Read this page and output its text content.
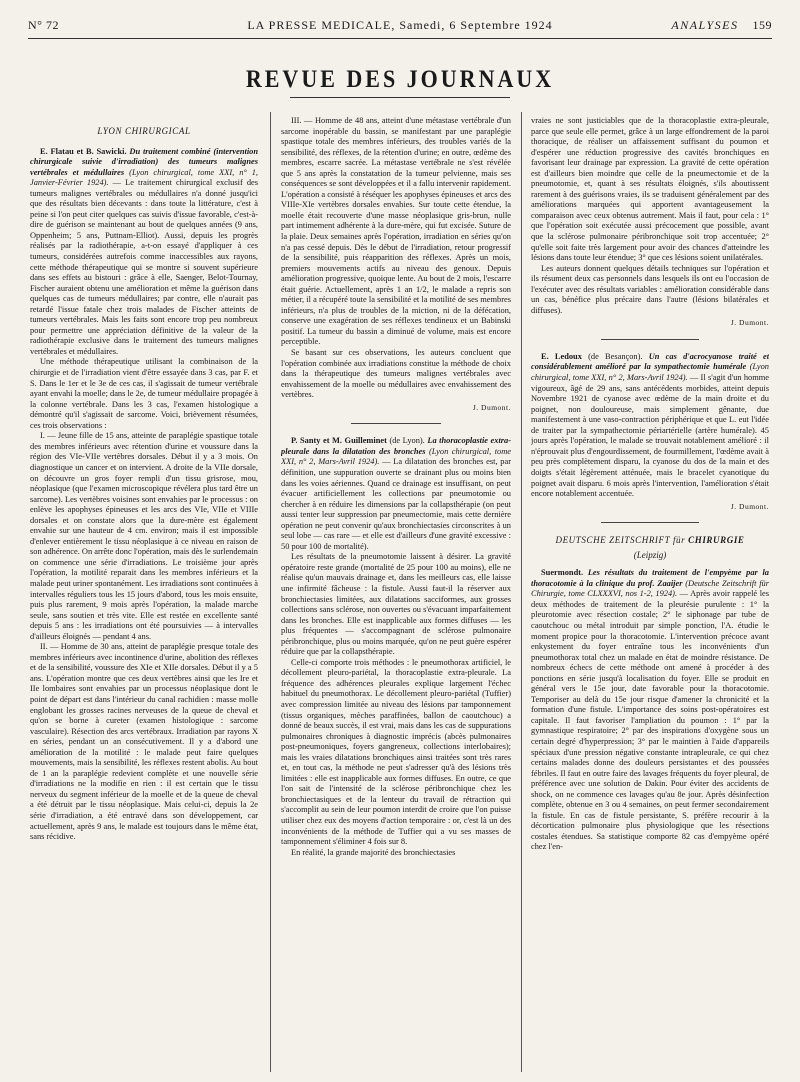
N° 72	LA PRESSE MEDICALE, Samedi, 6 Septembre 1924	ANALYSES 159
REVUE DES JOURNAUX
LYON CHIRURGICAL

E. Flatau et B. Sawicki. Du traitement combiné (intervention chirurgicale suivie d'irradiation) des tumeurs malignes vertébrales et médullaires (Lyon chirurgical, tome XXI, n° 1, Janvier-Février 1924). — Le traitement chirurgical exclusif des tumeurs malignes vertébrales ou médullaires n'a donné jusqu'ici que des résultats bien décevants : dans toute la littérature, c'est à peine si l'on peut citer quelques cas suivis d'issue favorable, c'est-à-dire de guérison se maintenant au bout de quelques années (9 ans, Oppenheim; 5 ans, Puttnam-Elliot). Aussi, depuis les progrès réalisés par la radiothérapie, a-t-on essayé d'appliquer à ces tumeurs, considérées autrefois comme inaccessibles aux rayons, cette méthode thérapeutique qui se montre si souvent supérieure dans ses effets au bistouri : grâce à elle, Saenger, Belot-Tournay, Fischer auraient obtenu une amélioration et même la guérison dans quelques cas de tumeurs médullaires; par contre, elle n'aurait pas retardé l'issue fatale chez trois malades de Fischer atteints de tumeurs vertébrales. Mais les faits sont encore trop peu nombreux pour permettre une appréciation définitive de la valeur de la radiothérapie exclusive dans le traitement des tumeurs malignes vertébrales et médullaires.

Une méthode thérapeutique utilisant la combinaison de la chirurgie et de l'irradiation vient d'être essayée dans 3 cas, par F. et S. Dans le 1er et le 3e de ces cas, il s'agissait de tumeur vertébrale ayant envahi la moelle; dans le 2e, de tumeur médullaire propagée à la colonne vertébrale. Dans les 3 cas, l'examen histologique a démontré qu'il s'agissait de sarcome. Voici, brièvement résumées, ces trois observations :

I. — Jeune fille de 15 ans, atteinte de paraplégie spastique totale des membres inférieurs avec rétention d'urine et voussure dans la région des VIe-VIIe vertèbres dorsales. Début il y a 3 mois. On diagnostique un cancer et on intervient. A droite de la VIIe dorsale, on découvre un gros foyer rempli d'un tissu grisrose, mou, néoplasique (que l'examen microscopique révélera plus tard être un sarcome). Les vertèbres voisines sont envahies par le processus : on enlève les apophyses épineuses et les arcs des VIe, VIIe et VIIIe dorsales et on constate alors que la dure-mère est également envahie sur une hauteur de 4 cm. environ; mais il est impossible d'enlever entièrement le tissu néoplasique à ce niveau en raison de son adhérence. On arrête donc l'opération, mais dès le surlendemain on commence une série d'irradiations. Le troisième jour après l'opération, la motilité reparait dans les membres inférieurs et la malade peut uriner spontanément. Les irradiations sont continuées à intervalles réguliers tous les 15 jours d'abord, tous les mois ensuite, puis plus rarement, 9 mois après l'opération, la malade marche seule, sans soutien et très vite. Elle est restée en excellente santé depuis 5 ans : les irradiations ont été poursuivies — à intervalles d'ailleurs éloignés — pendant 4 ans.

II. — Homme de 30 ans, atteint de paraplégie presque totale des membres inférieurs avec incontinence d'urine, abolition des réflexes et de la sensibilité, voussure des XIe et XIIe dorsales. Début il y a 5 ans. L'opération montre que ces deux vertèbres ainsi que les Ire et IIe lombaires sont envahies par un processus néoplasique dont le point de départ est dans l'intérieur du canal rachidien : masse molle englobant les grosses racines nerveuses de la queue de cheval et qu'on se borne à cureter (examen histologique : sarcome vasculaire). Résection des arcs vertébraux. Irradiation par rayons X en séries, pendant un an consécutivement. Il y a d'abord une amélioration de la motilité : le malade peut faire quelques mouvements, mais la sensibilité, les réflexes restent abolis. Au bout de 1 an la paraplégie redevient complète et une nouvelle série d'irradiations ne la modifie en rien : il est certain que le tissu nerveux du segment inférieur de la moelle et de la queue de cheval a été détruit par le tissu néoplasique. Mais celui-ci, depuis la 2e série d'irradiation, a été entravé dans son développement, car actuellement, après 9 ans, le malade est toujours dans le même état, sans récidive.

III. — Homme de 48 ans, atteint d'une métastase vertébrale d'un sarcome inopérable du bassin, se manifestant par une paraplégie spastique totale des membres inférieurs, des troubles variés de la sensibilité, des réflexes, de la rétention d'urine; en outre, œdème des membres, escarre sacrée. La métastase vertébrale ne s'est révélée que 5 ans après la constatation de la tumeur pelvienne, mais ses conséquences se sont développées et il a fallu intervenir rapidement. L'opération a consisté à réséquer les apophyses épineuses et arcs des VIIIe-XIe vertèbres dorsales envahies. Sur toute cette étendue, la moelle était recouverte d'une masse néoplasique gris-brun, nulle part intimement adhérente à la dure-mère, qui fut excisée. Suture de la plaie. Deux semaines après l'opération, irradiation en séries qu'on n'a pas cessé depuis. Dès le début de l'irradiation, retour progressif de la sensibilité, puis réapparition des réflexes. Après un mois, premiers mouvements actifs au niveau des genoux. Depuis amélioration progressive, quoique lente. Au bout de 2 mois, l'escarre était guérie. Actuellement, après 1 an 1/2, le malade a repris son métier, il a récupéré toute la sensibilité et la motilité de ses membres inférieurs, n'a plus de troubles de la miction, ni de la défécation, conserve une exagération de ses réflexes tendineux et un Babinski positif. La tumeur du bassin a diminué de volume, mais est encore perceptible.

Se basant sur ces observations, les auteurs concluent que l'opération combinée aux irradiations constitue la méthode de choix dans la thérapeutique des tumeurs malignes vertébrales avec envahissement de la moelle ou médullaires avec envahissement des vertèbres.

J. Dumont.

P. Santy et M. Guilleminet (de Lyon). La thoracoplastie extra-pleurale dans la dilatation des bronches (Lyon chirurgical, tome XXI, n° 2, Mars-Avril 1924). — La dilatation des bronches est, par définition, une suppuration ouverte se drainant plus ou moins bien dans les voies aériennes. Quand ce drainage est insuffisant, on peut évacuer artificiellement les collections par pneumotomie ou chercher à en réduire les dimensions par la collapsthérapie (on peut aussi tenter leur suppression par pneumectomie, mais cette dernière opération ne peut convenir qu'aux bronchiectasies circonscrites à un seul lobe — cas rare — et elle est d'ailleurs d'une gravité excessive : 50 pour 100 de mortalité).

Les résultats de la pneumotomie laissent à désirer. La gravité opératoire reste grande (mortalité de 25 pour 100 au moins), elle ne réalise qu'un mauvais drainage et, dans les meilleurs cas, elle laisse une infirmité fâcheuse : la fistule. Aussi faut-il la réserver aux bronchiectasies limitées, aux dilatations sacciformes, aux grosses collections sans sclérose, non ouvertes ou s'évacuant imparfaitement dans les bronches. Elle est inapplicable aux formes diffuses — les plus fréquentes — s'accompagnant de sclérose pulmonaire péribronchique, plus ou moins marquée, qu'on ne peut guère espérer réduire que par la collapsthérapie.

Celle-ci comporte trois méthodes : le pneumothorax artificiel, le décollement pleuro-pariétal, la thoracoplastie extra-pleurale. La fréquence des adhérences pleurales explique largement l'échec habituel du pneumothorax. Le décollement pleuro-pariétal (Tuffier) avec compression limitée au niveau des lésions par tamponnement (tissus organiques, mèches paraffinées, ballon de caoutchouc) a donné de beaux succès, il est vrai, mais dans les cas de suppurations pulmonaires chroniques à diagnostic imprécis (abcès pulmonaires post-pneumoniques, foyers gangreneux, collections interlobaires); mais les vraies dilatations bronchiques ainsi traitées sont très rares et, en tout cas, la méthode ne peut s'adresser qu'à des lésions très limitées : elle est inapplicable aux formes diffuses. En outre, ce que l'on sait de l'intensité de la sclérose péribronchique chez les bronchiectasiques et de la lenteur du travail de rétraction qui s'accomplit au sein de leur poumon interdit de croire que l'on puisse utiliser chez eux des moyens d'action temporaire : or, c'est là un des inconvénients de la méthode de Tuffier qui a vu ses masses de tamponnement s'éliminer 4 fois sur 8.

En réalité, la grande majorité des bronchiectasies

vraies ne sont justiciables que de la thoracoplastie extra-pleurale, parce que seule elle permet, grâce à un large effondrement de la paroi thoracique, de réaliser un affaissement suffisant du poumon et d'espérer une réduction progressive des cavités bronchiques en favorisant leur drainage par expression. La gravité de cette opération est d'ailleurs bien moindre que celle de la pneumectomie et de la pneumotomie, et, quant à ses résultats éloignés, s'ils aboutissent rarement à des guérisons vraies, ils se traduisent généralement par des améliorations marquées qui apportent avantageusement la comparaison avec ceux obtenus autrement. Mais il faut, pour cela : 1° que l'opération soit exécutée aussi précocement que possible, avant que la sclérose pulmonaire péribronchique soit trop accentuée; 2° qu'elle soit faite très largement pour avoir des chances d'atteindre les lésions dans toute leur étendue; 3° que ces lésions soient unilatérales.

Les auteurs donnent quelques détails techniques sur l'opération et ils résument deux cas personnels dans lesquels ils ont eu l'occasion de l'exécuter avec des résultats variables : amélioration considérable dans un cas, bénéfice plus précaire dans l'autre (lésions bilatérales et diffuses).

J. Dumont.

E. Ledoux (de Besançon). Un cas d'acrocyanose traité et considérablement amélioré par la sympathectomie humérale (Lyon chirurgical, tome XXI, n° 2, Mars-Avril 1924). — Il s'agit d'un homme vigoureux, âgé de 29 ans, sans antécédents morbides, atteint depuis Novembre 1921 de cyanose avec œdème de la main droite et du poignet, non douloureuse, mais simplement gênante, due manifestement à une vaso-contraction périphérique et que L. eut l'idée de traiter par la sympathectomie périartérielle (artère humérale). 45 jours après l'opération, le malade se trouvait notablement amélioré : il n'éprouvait plus d'engourdissement, de fourmillement, l'œdème avait à peu près complètement disparu, la cyanose du dos de la main et des doigts s'était légèrement atténuée, mais le bracelet cyanotique du poignet avait disparu. 6 mois après l'intervention, l'amélioration s'était encore notablement accentuée.

J. Dumont.
DEUTSCHE ZEITSCHRIFT für CHIRURGIE
(Leipzig)

Suermondt. Les résultats du traitement de l'empyème par la thoracotomie à la clinique du prof. Zaaijer (Deutsche Zeitschrift für Chirurgie, tome CLXXXVI, nos 1-2, 1924). — Après avoir rappelé les deux méthodes de traitement de la pleurésie purulente : 1° la pleurotomie avec résection costale; 2° le siphonage par tube de caoutchouc ou métal introduit par simple ponction, l'A. étudie le moment propice pour la thoracotomie. L'intervention précoce avant enkystement du foyer entraîne tous les inconvénients d'un pneumothorax total chez un malade en état de moindre résistance. De nombreux échecs de cette méthode ont amené à procéder à des ponctions en série jusqu'à localisation du foyer. Elle se produit en général vers le 15e jour, date favorable pour la thoracotomie. Temporiser au delà du 15e jour risque d'amener la chronicité et la formation d'une fistule. L'importance des soins post-opératoires est capitale. Il faut favoriser l'ampliation du poumon : 1° par la gymnastique respiratoire; 2° par des inspirations d'oxygène sous un certain degré d'hyperpression; 3° par le maintien à l'aide d'appareils spéciaux d'une pression négative constante intrapleurale, ce qui chez certains malades donne des douleurs persistantes et des poussées fébriles. Il faut en outre faire des lavages fréquents du foyer pleural, de préférence avec une solution de Dakin. Pour éviter des accidents de shock, on ne commence ces lavages qu'au 8e jour. Après désinfection complète, obtenue en 3 ou 4 semaines, on peut fermer secondairement la fistule. En cas de fistule persistante, S. préfère recourir à la décortication pulmonaire plus physiologique que les résections costales étendues. Sa statistique comporte 82 cas d'empyème opéré chez l'en-
